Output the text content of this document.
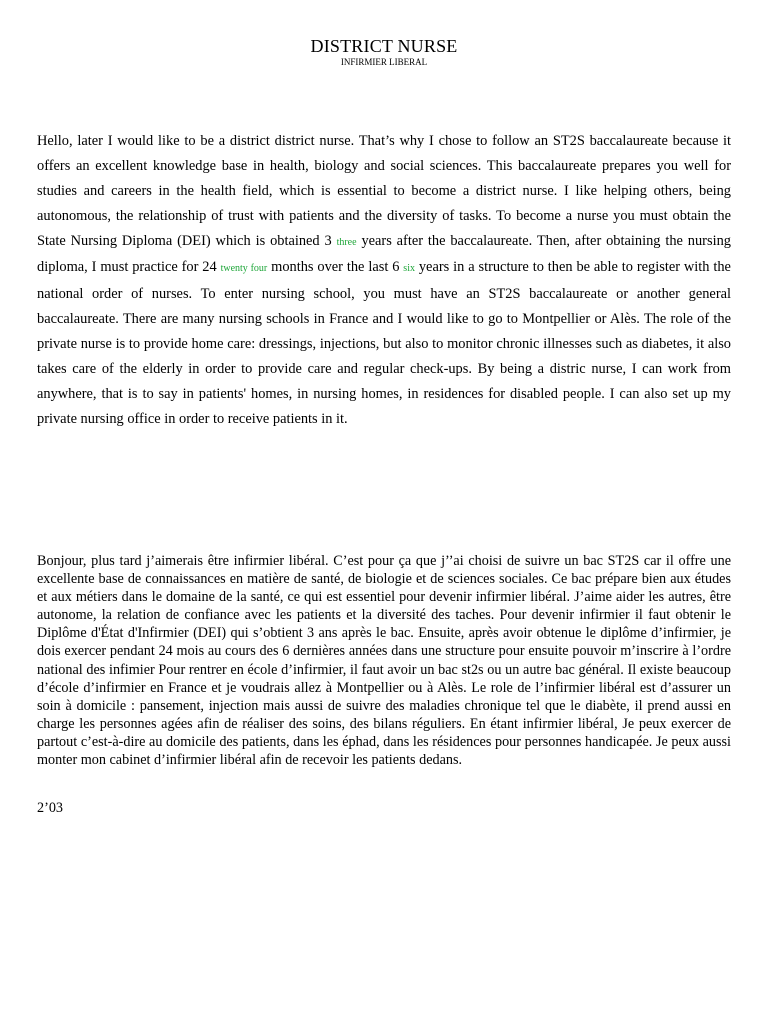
DISTRICT NURSE
INFIRMIER LIBERAL

Hello, later I would like to be a district district nurse. That’s why I chose to follow an ST2S baccalaureate because it offers an excellent knowledge base in health, biology and social sciences. This baccalaureate prepares you well for studies and careers in the health field, which is essential to become a district nurse. I like helping others, being autonomous, the relationship of trust with patients and the diversity of tasks. To become a nurse you must obtain the State Nursing Diploma (DEI) which is obtained 3 three years after the baccalaureate. Then, after obtaining the nursing diploma, I must practice for 24 twenty four months over the last 6 six years in a structure to then be able to register with the national order of nurses. To enter nursing school, you must have an ST2S baccalaureate or another general baccalaureate. There are many nursing schools in France and I would like to go to Montpellier or Alès. The role of the private nurse is to provide home care: dressings, injections, but also to monitor chronic illnesses such as diabetes, it also takes care of the elderly in order to provide care and regular check-ups. By being a distric nurse, I can work from anywhere, that is to say in patients' homes, in nursing homes, in residences for disabled people. I can also set up my private nursing office in order to receive patients in it.

Bonjour, plus tard j’aimerais être infirmier libéral. C’est pour ça que j’’ai choisi de suivre un bac ST2S car il offre une excellente base de connaissances en matière de santé, de biologie et de sciences sociales. Ce bac prépare bien aux études et aux métiers dans le domaine de la santé, ce qui est essentiel pour devenir infirmier libéral. J’aime aider les autres, être autonome, la relation de confiance avec les patients et la diversité des taches. Pour devenir infirmier il faut obtenir le Diplôme d'État d'Infirmier (DEI) qui s’obtient 3 ans après le bac. Ensuite, après avoir obtenue le diplôme d’infirmier, je dois exercer pendant 24 mois au cours des 6 dernières années dans une structure pour ensuite pouvoir m’inscrire à l’ordre national des infimier Pour rentrer en école d’infirmier, il faut avoir un bac st2s ou un autre bac général. Il existe beaucoup d’école d’infirmier en France et je voudrais allez à Montpellier ou à Alès. Le role de l’infirmier libéral est d’assurer un soin à domicile : pansement, injection mais aussi de suivre des maladies chronique tel que le diabète, il prend aussi en charge les personnes agées afin de réaliser des soins, des bilans réguliers. En étant infirmier libéral, Je peux exercer de partout c’est-à-dire au domicile des patients, dans les éphad, dans les résidences pour personnes handicapée. Je peux aussi monter mon cabinet d’infirmier libéral afin de recevoir les patients dedans.

2’03
